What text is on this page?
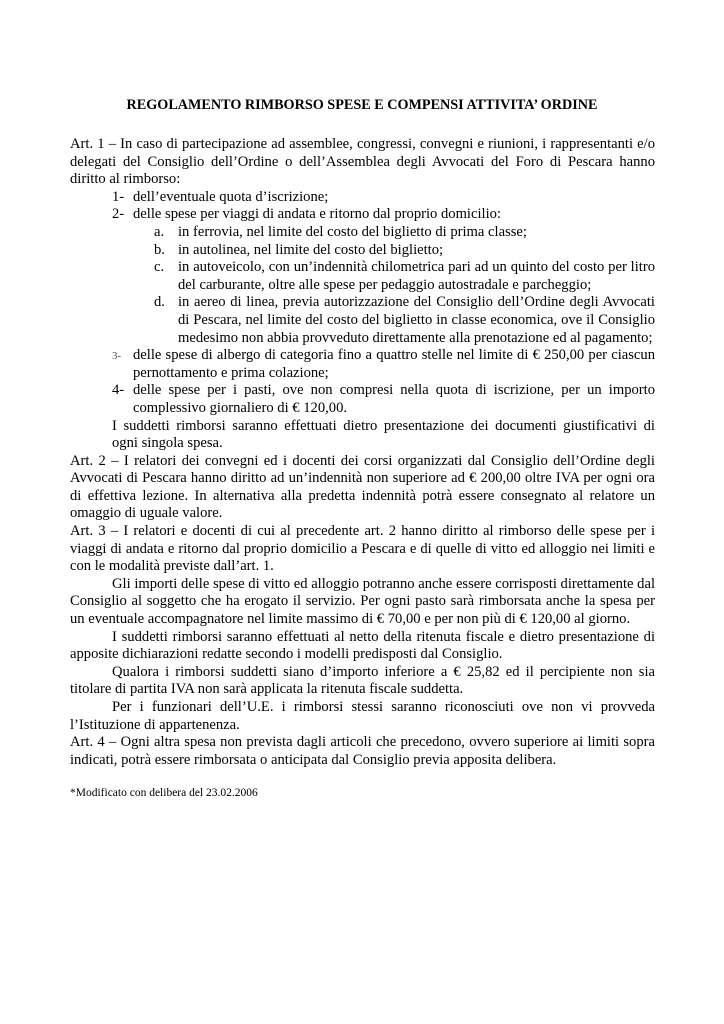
REGOLAMENTO RIMBORSO SPESE E COMPENSI ATTIVITA’ ORDINE

Art. 1 – In caso di partecipazione ad assemblee, congressi, convegni e riunioni, i rappresentanti e/o delegati del Consiglio dell’Ordine o dell’Assemblea degli Avvocati del Foro di Pescara hanno diritto al rimborso:

1- dell’eventuale quota d’iscrizione;
2- delle spese per viaggi di andata e ritorno dal proprio domicilio:
a. in ferrovia, nel limite del costo del biglietto di prima classe;
b. in autolinea, nel limite del costo del biglietto;
c. in autoveicolo, con un’indennità chilometrica pari ad un quinto del costo per litro del carburante, oltre alle spese per pedaggio autostradale e parcheggio;
d. in aereo di linea, previa autorizzazione del Consiglio dell’Ordine degli Avvocati di Pescara, nel limite del costo del biglietto in classe economica, ove il Consiglio medesimo non abbia provveduto direttamente alla prenotazione ed al pagamento;
3- delle spese di albergo di categoria fino a quattro stelle nel limite di € 250,00 per ciascun pernottamento e prima colazione;
4- delle spese per i pasti, ove non compresi nella quota di iscrizione, per un importo complessivo giornaliero di € 120,00.

I suddetti rimborsi saranno effettuati dietro presentazione dei documenti giustificativi di ogni singola spesa.

Art. 2 – I relatori dei convegni ed i docenti dei corsi organizzati dal Consiglio dell’Ordine degli Avvocati di Pescara hanno diritto ad un’indennità non superiore ad € 200,00 oltre IVA per ogni ora di effettiva lezione. In alternativa alla predetta indennità potrà essere consegnato al relatore un omaggio di uguale valore.

Art. 3 – I relatori e docenti di cui al precedente art. 2 hanno diritto al rimborso delle spese per i viaggi di andata e ritorno dal proprio domicilio a Pescara e di quelle di vitto ed alloggio nei limiti e con le modalità previste dall’art. 1.

Gli importi delle spese di vitto ed alloggio potranno anche essere corrisposti direttamente dal Consiglio al soggetto che ha erogato il servizio. Per ogni pasto sarà rimborsata anche la spesa per un eventuale accompagnatore nel limite massimo di € 70,00 e per non più di € 120,00 al giorno.

I suddetti rimborsi saranno effettuati al netto della ritenuta fiscale e dietro presentazione di apposite dichiarazioni redatte secondo i modelli predisposti dal Consiglio.

Qualora i rimborsi suddetti siano d’importo inferiore a € 25,82 ed il percipiente non sia titolare di partita IVA non sarà applicata la ritenuta fiscale suddetta.

Per i funzionari dell’U.E. i rimborsi stessi saranno riconosciuti ove non vi provveda l’Istituzione di appartenenza.

Art. 4 – Ogni altra spesa non prevista dagli articoli che precedono, ovvero superiore ai limiti sopra indicati, potrà essere rimborsata o anticipata dal Consiglio previa apposita delibera.

*Modificato con delibera del 23.02.2006
